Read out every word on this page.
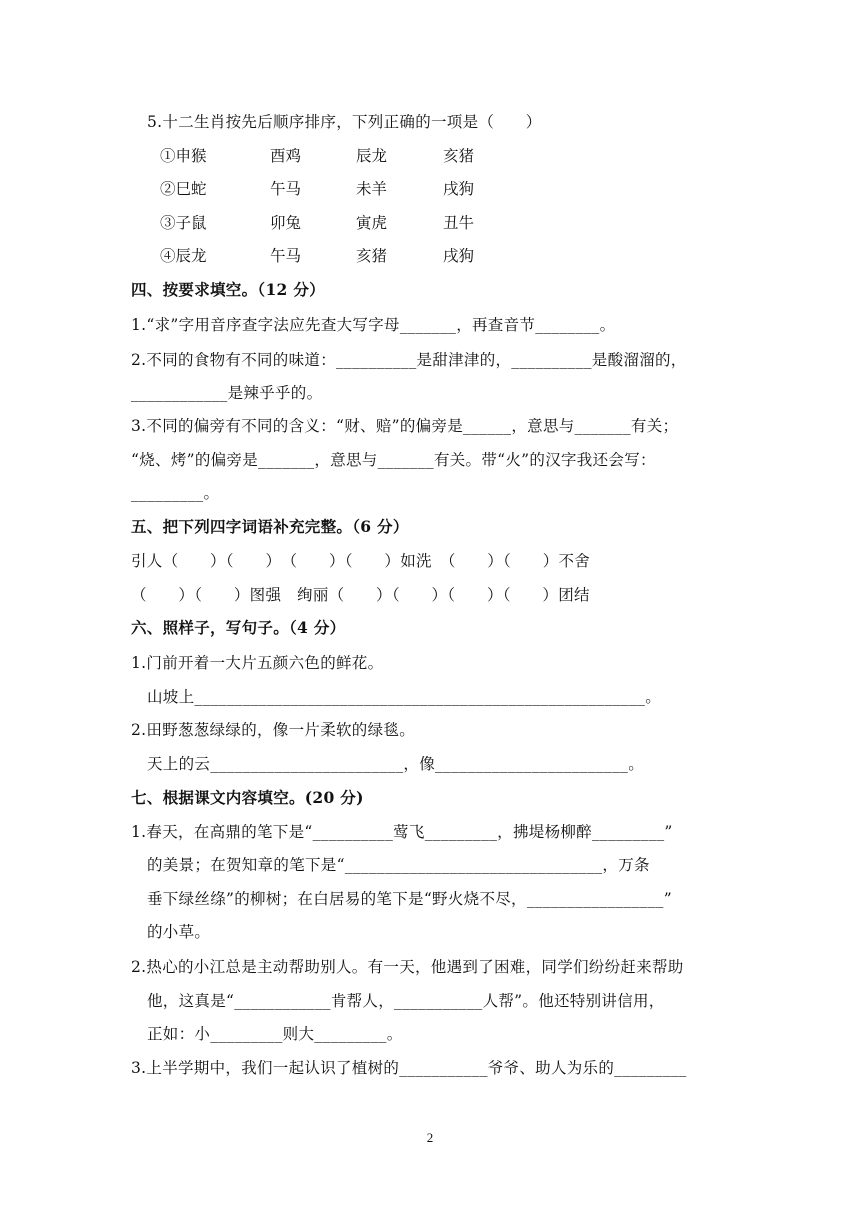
5.十二生肖按先后顺序排序，下列正确的一项是（　　）
①申猴	酉鸡	辰龙	亥猪
②巳蛇	午马	未羊	戌狗
③子鼠	卯兔	寅虎	丑牛
④辰龙	午马	亥猪	戌狗
四、按要求填空。（12 分）
1.“求”字用音序查字法应先查大写字母_______，再查音节________。
2.不同的食物有不同的味道：__________是甜津津的，__________是酸溜溜的，
____________是辣乎乎的。
3.不同的偏旁有不同的含义：“财、赔”的偏旁是______，意思与_______有关；
“烧、烤”的偏旁是_______，意思与_______有关。带“火”的汉字我还会写：
_________。
五、把下列四字词语补充完整。（6 分）
引人（　　）（　　）　（　　）（　　）如洗　（　　）（　　）不舍
（　　）（　　）图强　绚丽（　　）（　　）（　　）（　　）团结
六、照样子，写句子。（4 分）
1.门前开着一大片五颜六色的鲜花。
山坡上________________________________________________________。
2.田野葱葱绿绿的，像一片柔软的绿毯。
天上的云________________________，像________________________。
七、根据课文内容填空。(20 分)
1.春天，在高鼎的笔下是“__________莺飞_________，拂堤杨柳醉_________”
的美景；在贺知章的笔下是“________________________________，万条
垂下绿丝绦”的柳树；在白居易的笔下是“野火烧不尽，_________________”
的小草。
2.热心的小江总是主动帮助别人。有一天，他遇到了困难，同学们纷纷赶来帮助
他，这真是“____________肯帮人，___________人帮”。他还特别讲信用，
正如：小_________则大_________。
3.上半学期中，我们一起认识了植树的___________爷爷、助人为乐的_________
2
